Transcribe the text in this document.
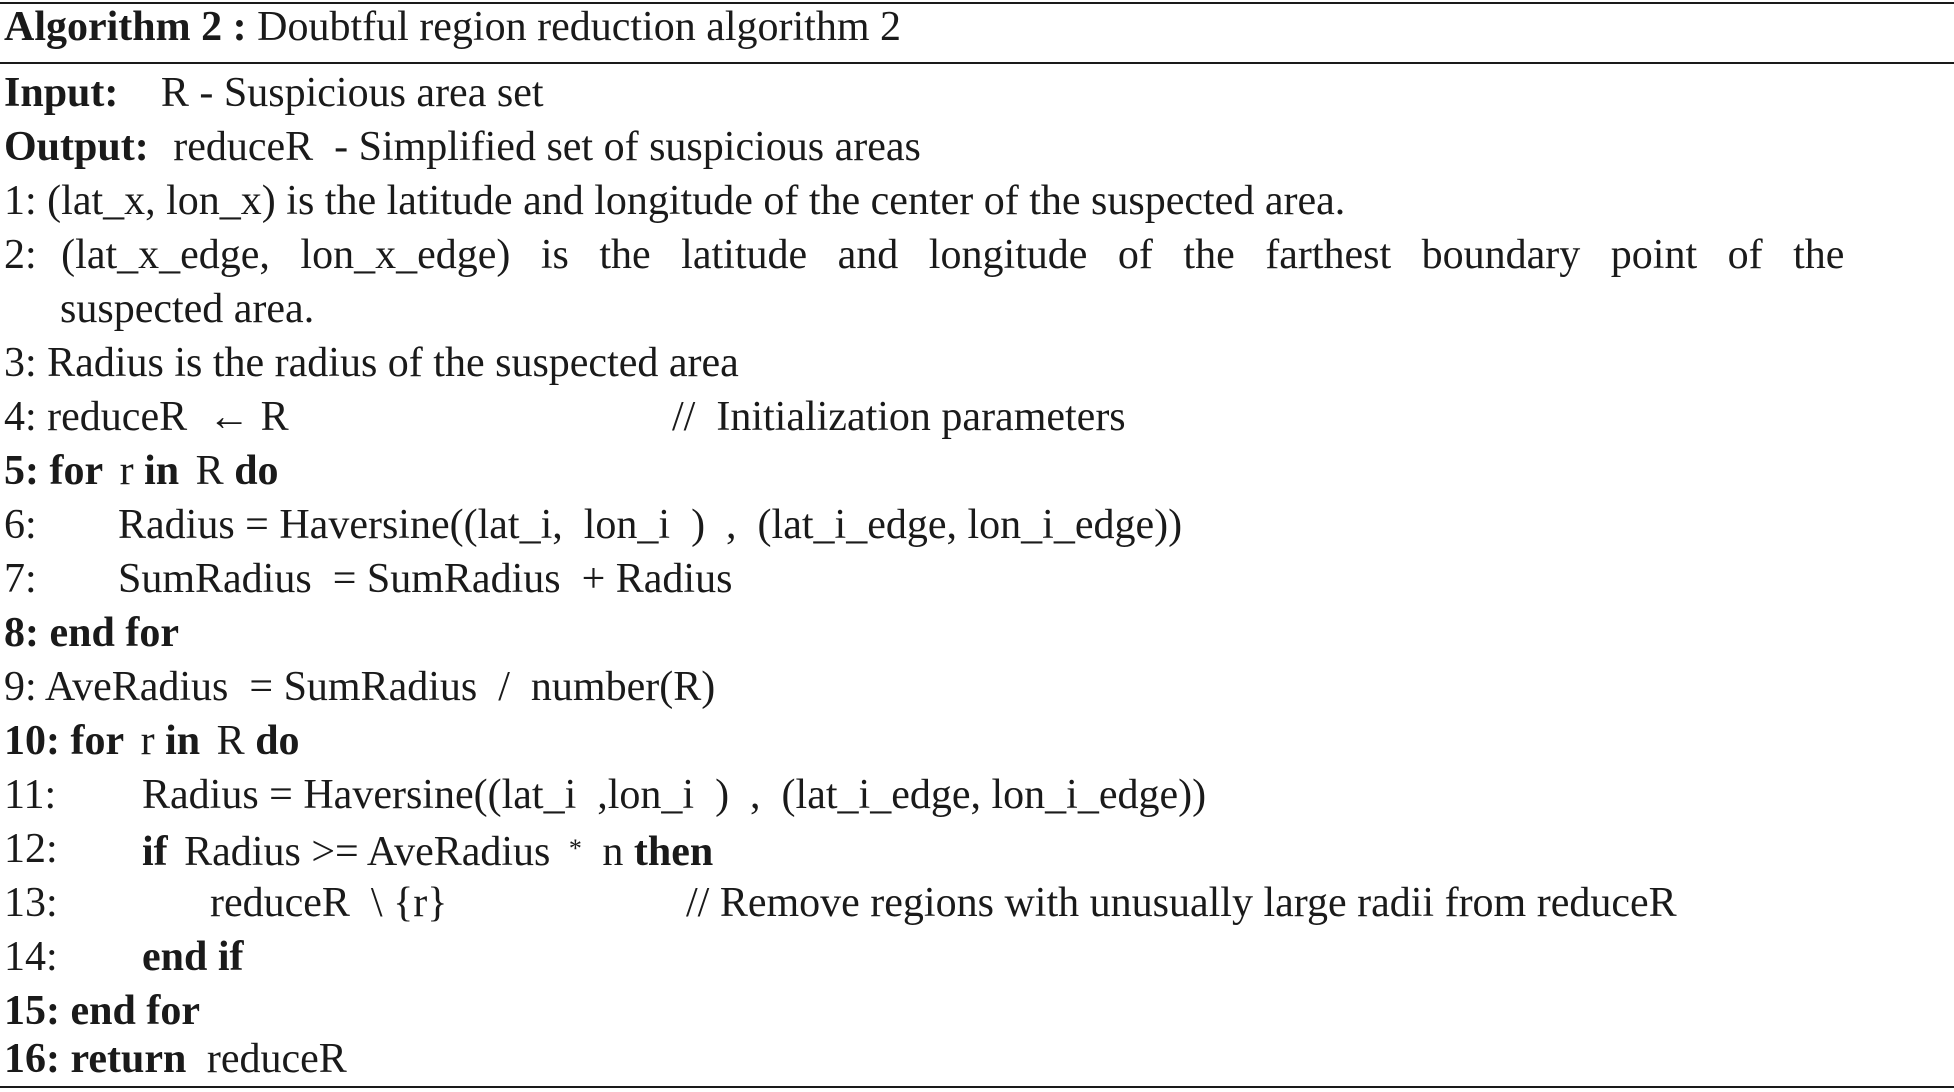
Algorithm 2 : Doubtful region reduction algorithm 2
Input: R - Suspicious area set
Output: reduceR  - Simplified set of suspicious areas
1: (lat_x, lon_x) is the latitude and longitude of the center of the suspected area.
2: (lat_x_edge, lon_x_edge) is the latitude and longitude of the farthest boundary point of the
suspected area.
3: Radius is the radius of the suspected area
4: reduceR  ← R	//  Initialization parameters
5: for r in R do
6: Radius = Haversine((lat_i,  lon_i  )  ,  (lat_i_edge, lon_i_edge))
7: SumRadius  = SumRadius  + Radius
8: end for
9: AveRadius  = SumRadius  /  number(R)
10: for r in R do
11: Radius = Haversine((lat_i  ,lon_i  )  ,  (lat_i_edge, lon_i_edge))
12: if Radius >= AveRadius * n then
13:	reduceR  \ {r}	// Remove regions with unusually large radii from reduceR
14: end if
15: end for
16: return reduceR
